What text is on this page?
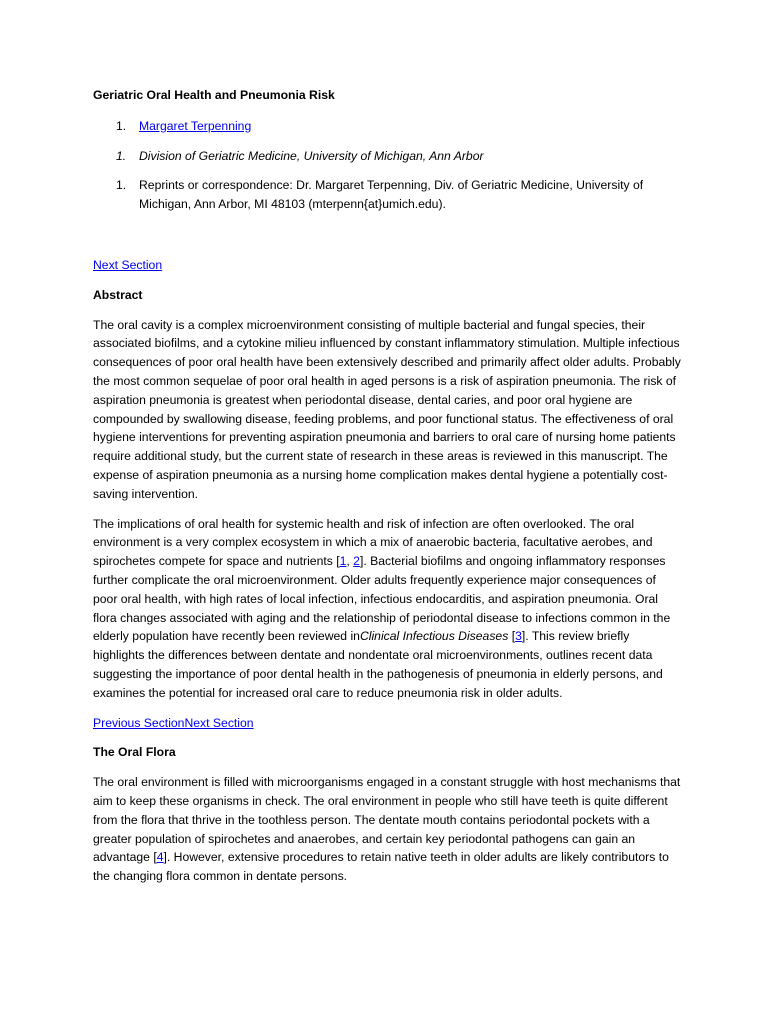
Geriatric Oral Health and Pneumonia Risk

1. Margaret Terpenning
1. Division of Geriatric Medicine, University of Michigan, Ann Arbor
1. Reprints or correspondence: Dr. Margaret Terpenning, Div. of Geriatric Medicine, University of Michigan, Ann Arbor, MI 48103 (mterpenn{at}umich.edu).

Next Section

Abstract

The oral cavity is a complex microenvironment consisting of multiple bacterial and fungal species, their associated biofilms, and a cytokine milieu influenced by constant inflammatory stimulation. Multiple infectious consequences of poor oral health have been extensively described and primarily affect older adults. Probably the most common sequelae of poor oral health in aged persons is a risk of aspiration pneumonia. The risk of aspiration pneumonia is greatest when periodontal disease, dental caries, and poor oral hygiene are compounded by swallowing disease, feeding problems, and poor functional status. The effectiveness of oral hygiene interventions for preventing aspiration pneumonia and barriers to oral care of nursing home patients require additional study, but the current state of research in these areas is reviewed in this manuscript. The expense of aspiration pneumonia as a nursing home complication makes dental hygiene a potentially cost-saving intervention.

The implications of oral health for systemic health and risk of infection are often overlooked. The oral environment is a very complex ecosystem in which a mix of anaerobic bacteria, facultative aerobes, and spirochetes compete for space and nutrients [1, 2]. Bacterial biofilms and ongoing inflammatory responses further complicate the oral microenvironment. Older adults frequently experience major consequences of poor oral health, with high rates of local infection, infectious endocarditis, and aspiration pneumonia. Oral flora changes associated with aging and the relationship of periodontal disease to infections common in the elderly population have recently been reviewed inClinical Infectious Diseases [3]. This review briefly highlights the differences between dentate and nondentate oral microenvironments, outlines recent data suggesting the importance of poor dental health in the pathogenesis of pneumonia in elderly persons, and examines the potential for increased oral care to reduce pneumonia risk in older adults.

Previous SectionNext Section

The Oral Flora

The oral environment is filled with microorganisms engaged in a constant struggle with host mechanisms that aim to keep these organisms in check. The oral environment in people who still have teeth is quite different from the flora that thrive in the toothless person. The dentate mouth contains periodontal pockets with a greater population of spirochetes and anaerobes, and certain key periodontal pathogens can gain an advantage [4]. However, extensive procedures to retain native teeth in older adults are likely contributors to the changing flora common in dentate persons.
